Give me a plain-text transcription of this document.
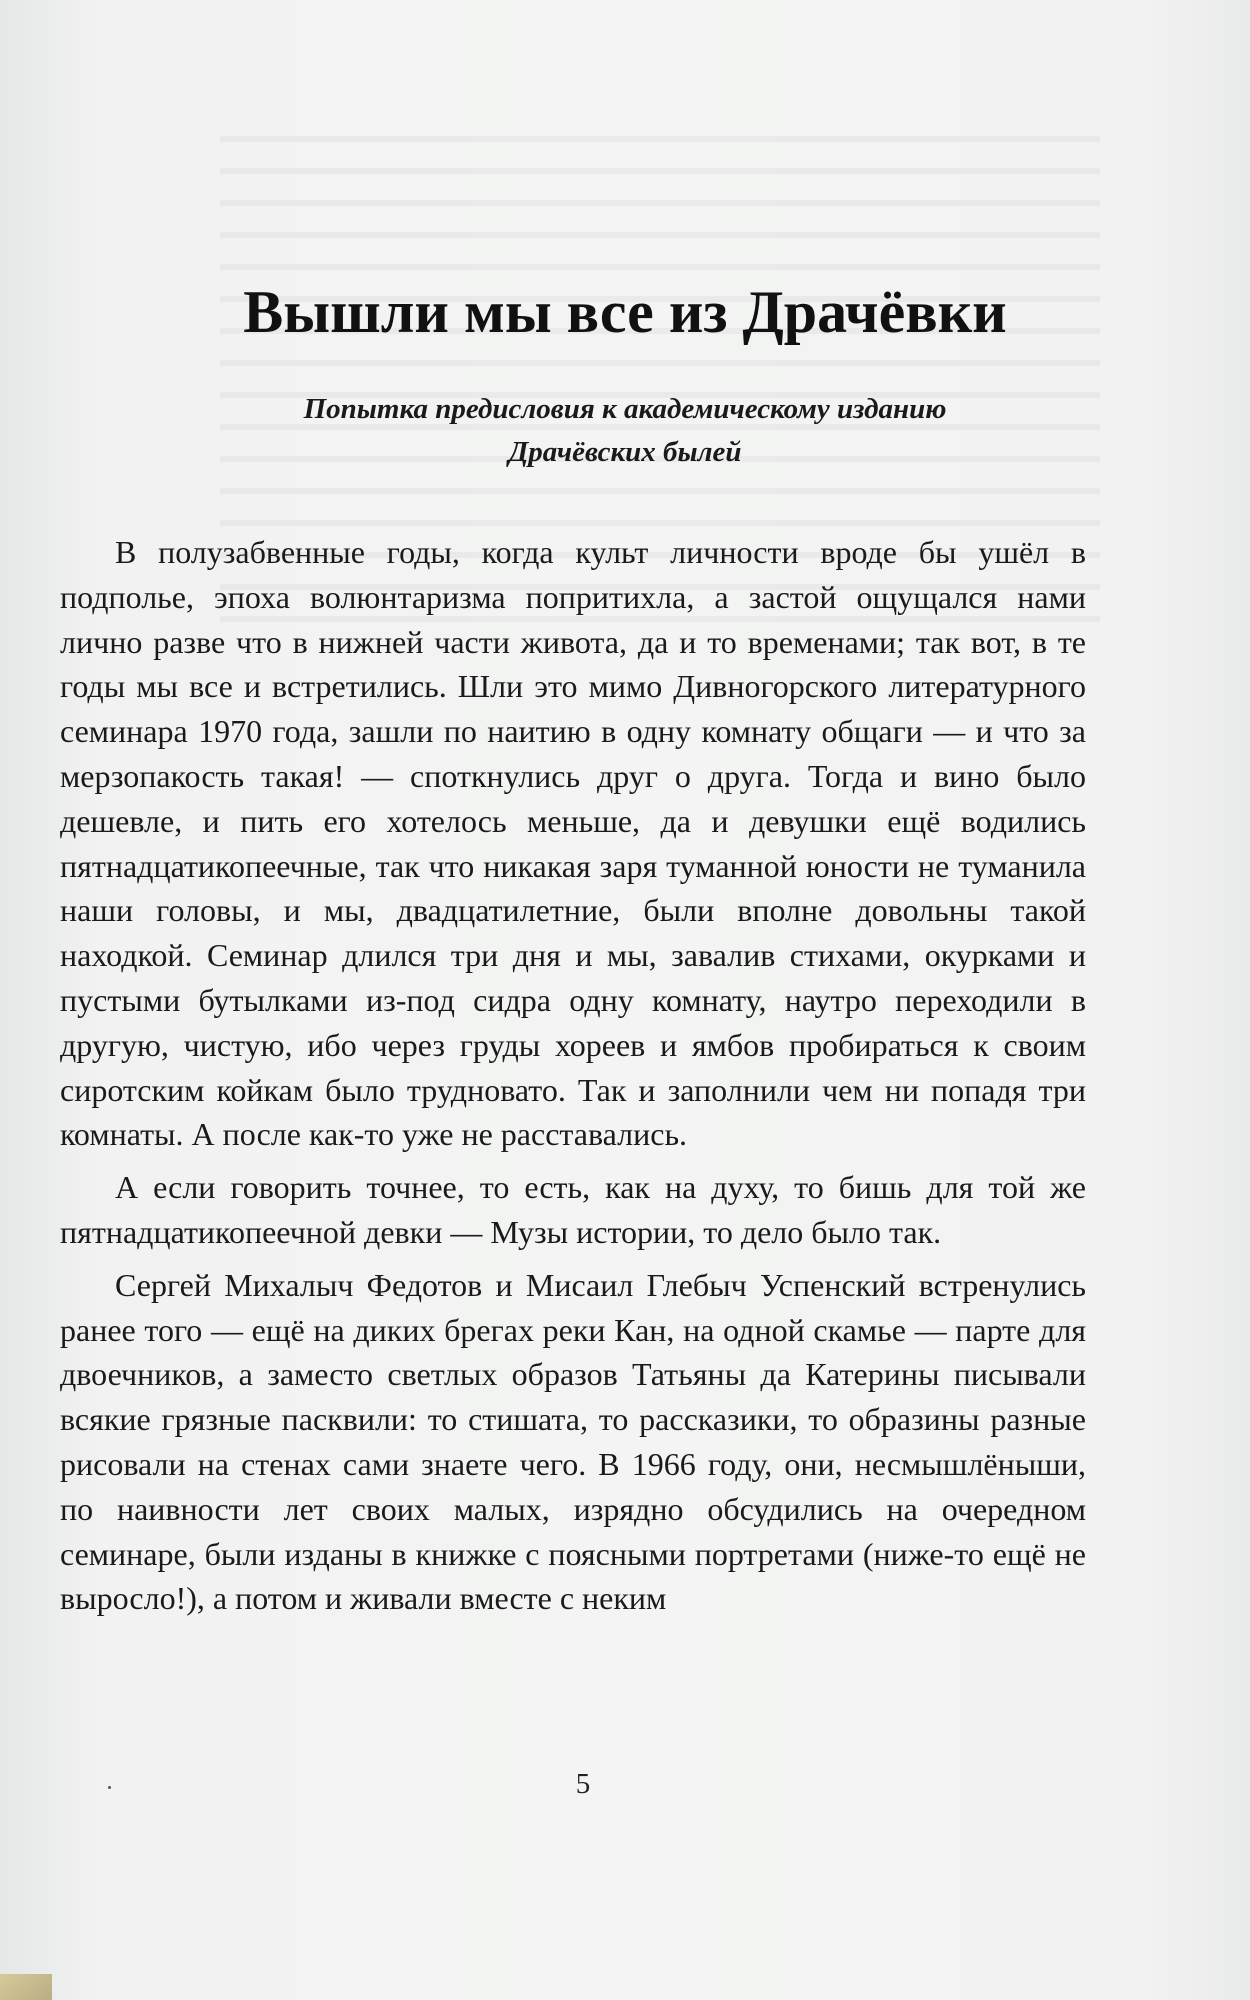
Вышли мы все из Драчёвки
Попытка предисловия к академическому изданию
Драчёвских былей

В полузабвенные годы, когда культ личности вроде бы ушёл в подполье, эпоха волюнтаризма попритихла, а застой ощущался нами лично разве что в нижней части живота, да и то временами; так вот, в те годы мы все и встретились. Шли это мимо Дивногорского литературного семинара 1970 года, зашли по наитию в одну комнату общаги — и что за мерзопакость такая! — споткнулись друг о друга. Тогда и вино было дешевле, и пить его хотелось меньше, да и девушки ещё водились пятнадцатикопеечные, так что никакая заря туманной юности не туманила наши головы, и мы, двадцатилетние, были вполне довольны такой находкой. Семинар длился три дня и мы, завалив стихами, окурками и пустыми бутылками из-под сидра одну комнату, наутро переходили в другую, чистую, ибо через груды хореев и ямбов пробираться к своим сиротским койкам было трудновато. Так и заполнили чем ни попадя три комнаты. А после как-то уже не расставались.

А если говорить точнее, то есть, как на духу, то бишь для той же пятнадцатикопеечной девки — Музы истории, то дело было так.

Сергей Михалыч Федотов и Мисаил Глебыч Успенский встренулись ранее того — ещё на диких брегах реки Кан, на одной скамье — парте для двоечников, а заместо светлых образов Татьяны да Катерины писывали всякие грязные пасквили: то стишата, то рассказики, то образины разные рисовали на стенах сами знаете чего. В 1966 году, они, несмышлёныши, по наивности лет своих малых, изрядно обсудились на очередном семинаре, были изданы в книжке с поясными портретами (ниже-то ещё не выросло!), а потом и живали вместе с неким

5
